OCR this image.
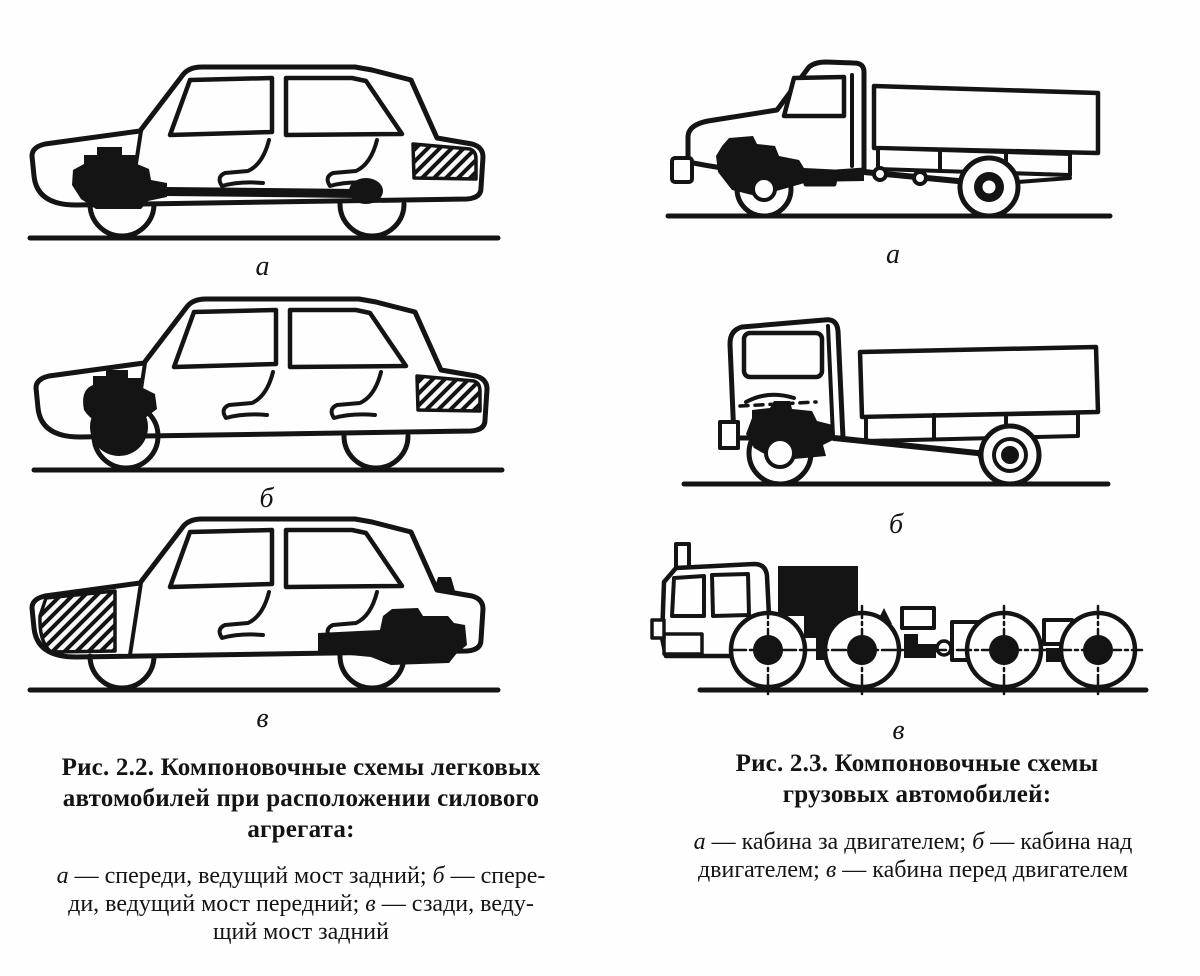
а
б
в
а
б
в
Рис. 2.2. Компоновочные схемы легковых
автомобилей при расположении силового
агрегата:
а — спереди, ведущий мост задний; б — спере-
ди, ведущий мост передний; в — сзади, веду-
щий мост задний
Рис. 2.3. Компоновочные схемы
грузовых автомобилей:
а — кабина за двигателем; б — кабина над
двигателем; в — кабина перед двигателем
